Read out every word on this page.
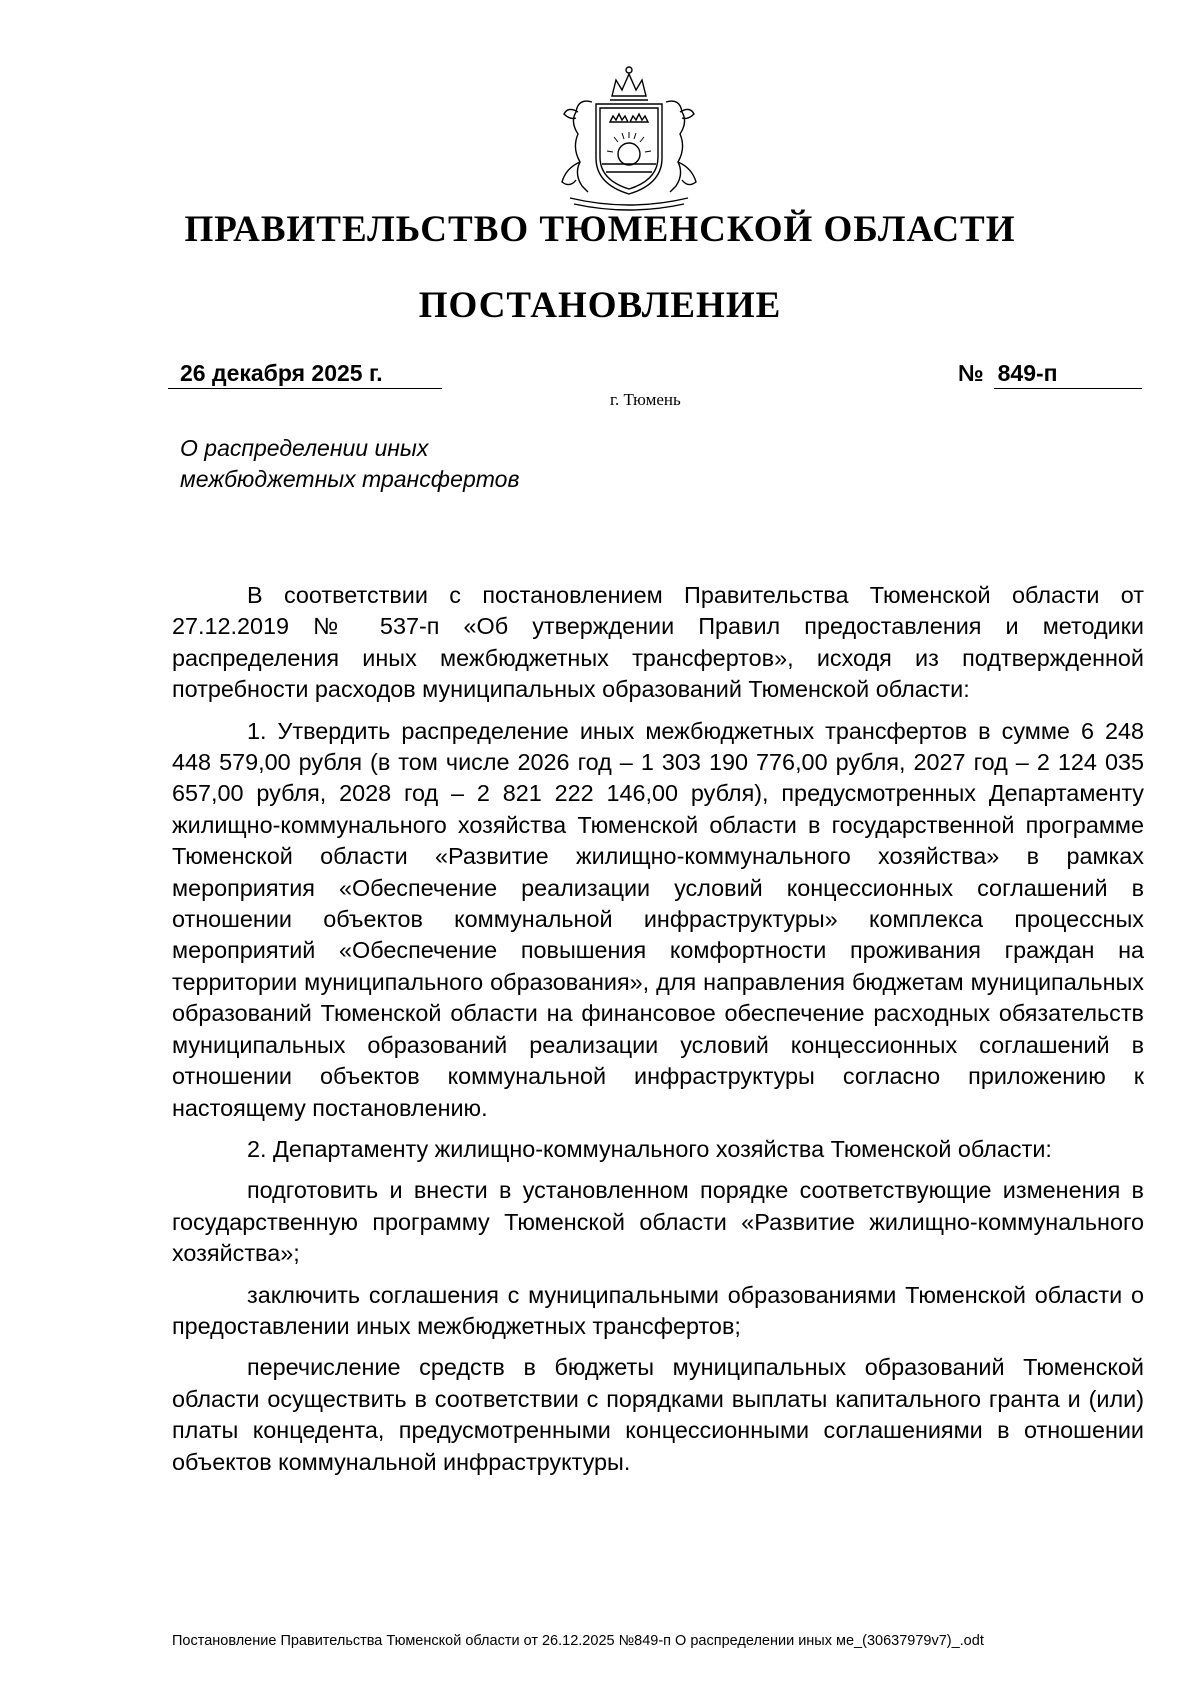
ПРАВИТЕЛЬСТВО ТЮМЕНСКОЙ ОБЛАСТИ
ПОСТАНОВЛЕНИЕ
26 декабря 2025 г.	№ 849-п
г. Тюмень
О распределении иных
межбюджетных трансфертов

В соответствии с постановлением Правительства Тюменской области от 27.12.2019 № 537-п «Об утверждении Правил предоставления и методики распределения иных межбюджетных трансфертов», исходя из подтвержденной потребности расходов муниципальных образований Тюменской области:

1. Утвердить распределение иных межбюджетных трансфертов в сумме 6 248 448 579,00 рубля (в том числе 2026 год – 1 303 190 776,00 рубля, 2027 год – 2 124 035 657,00 рубля, 2028 год – 2 821 222 146,00 рубля), предусмотренных Департаменту жилищно-коммунального хозяйства Тюменской области в государственной программе Тюменской области «Развитие жилищно-коммунального хозяйства» в рамках мероприятия «Обеспечение реализации условий концессионных соглашений в отношении объектов коммунальной инфраструктуры» комплекса процессных мероприятий «Обеспечение повышения комфортности проживания граждан на территории муниципального образования», для направления бюджетам муниципальных образований Тюменской области на финансовое обеспечение расходных обязательств муниципальных образований реализации условий концессионных соглашений в отношении объектов коммунальной инфраструктуры согласно приложению к настоящему постановлению.

2. Департаменту жилищно-коммунального хозяйства Тюменской области:

подготовить и внести в установленном порядке соответствующие изменения в государственную программу Тюменской области «Развитие жилищно-коммунального хозяйства»;

заключить соглашения с муниципальными образованиями Тюменской области о предоставлении иных межбюджетных трансфертов;

перечисление средств в бюджеты муниципальных образований Тюменской области осуществить в соответствии с порядками выплаты капитального гранта и (или) платы концедента, предусмотренными концессионными соглашениями в отношении объектов коммунальной инфраструктуры.

Постановление Правительства Тюменской области от 26.12.2025 №849-п О распределении иных ме_(30637979v7)_.odt
